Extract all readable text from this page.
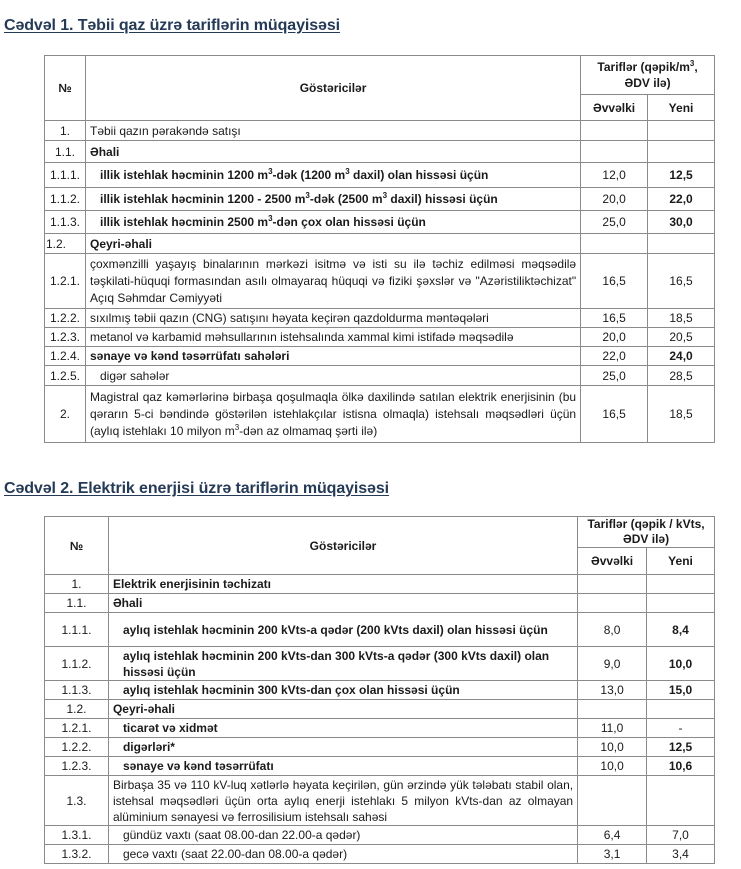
Cədvəl 1. Təbii qaz üzrə tariflərin müqayisəsi
№	Göstəricilər	Tariflər ($qəpik/m^3$, ƏDV ilə)	
		Əvvəlki	Yeni
1.	Təbii qazın pərakəndə satışı		
1.1.	Əhali		
1.1.1.	illik istehlak həcminin 1200 $m^3$-dək (1200 $m^3$ daxil) olan hissəsi üçün	12,0	12,5
1.1.2.	illik istehlak həcminin 1200 - 2500 $m^3$-dək (2500 $m^3$ daxil) hissəsi üçün	20,0	22,0
1.1.3.	illik istehlak həcminin 2500 $m^3$-dən çox olan hissəsi üçün	25,0	30,0
1.2.	Qeyri-əhali		
1.2.1.	çoxmənzilli yaşayış binalarının mərkəzi isitmə və isti su ilə təchiz edilməsi məqsədilə təşkilati-hüquqi formasından asılı olmayaraq hüquqi və fiziki şəxslər və "Azəristiliktəchizat" Açıq Səhmdar Cəmiyyəti	16,5	16,5
1.2.2.	sıxılmış təbii qazın (CNG) satışını həyata keçirən qazdoldurma məntəqələri	16,5	18,5
1.2.3.	metanol və karbamid məhsullarının istehsalında xammal kimi istifadə məqsədilə	20,0	20,5
1.2.4.	sənaye və kənd təsərrüfatı sahələri	22,0	24,0
1.2.5.	digər sahələr	25,0	28,5
2.	Magistral qaz kəmərlərinə birbaşa qoşulmaqla ölkə daxilində satılan elektrik enerjisinin (bu qərarın 5-ci bəndində göstərilən istehlakçılar istisna olmaqla) istehsalı məqsədləri üçün (aylıq istehlakı 10 milyon $m^3$-dən az olmamaq şərti ilə)	16,5	18,5
Cədvəl 2. Elektrik enerjisi üzrə tariflərin müqayisəsi
№	Göstəricilər	Tariflər (qəpik / kVts, ƏDV ilə)	
		Əvvəlki	Yeni
1.	Elektrik enerjisinin təchizatı		
1.1.	Əhali		
1.1.1.	aylıq istehlak həcminin 200 kVts-a qədər (200 kVts daxil) olan hissəsi üçün	8,0	8,4
1.1.2.	aylıq istehlak həcminin 200 kVts-dan 300 kVts-a qədər (300 kVts daxil) olan hissəsi üçün	9,0	10,0
1.1.3.	aylıq istehlak həcminin 300 kVts-dan çox olan hissəsi üçün	13,0	15,0
1.2.	Qeyri-əhali		
1.2.1.	ticarət və xidmət	11,0	-
1.2.2.	digərləri*	10,0	12,5
1.2.3.	sənaye və kənd təsərrüfatı	10,0	10,6
1.3.	Birbaşa 35 və 110 kV-luq xətlərlə həyata keçirilən, gün ərzində yük tələbatı stabil olan, istehsal məqsədləri üçün orta aylıq enerji istehlakı 5 milyon kVts-dan az olmayan alüminium sənayesi və ferrosilisium istehsalı sahəsi		
1.3.1.	gündüz vaxtı (saat 08.00-dan 22.00-a qədər)	6,4	7,0
1.3.2.	gecə vaxtı (saat 22.00-dan 08.00-a qədər)	3,1	3,4
